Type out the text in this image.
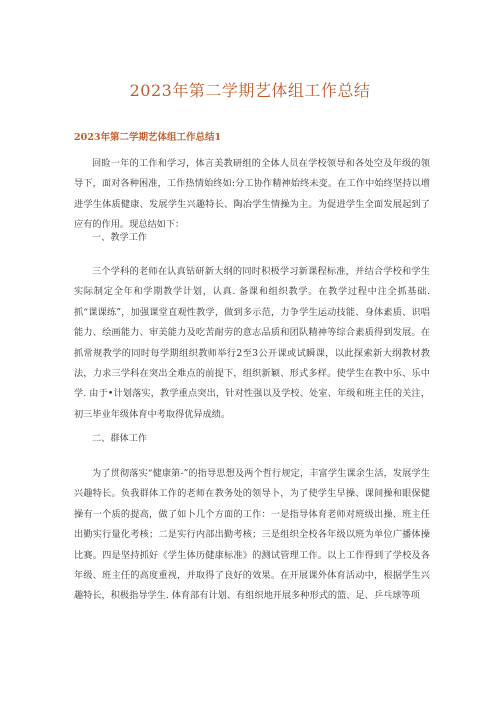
2023年第二学期艺体组工作总结
2023年第二学期艺体组工作总结1

回睑一年的工作和学习，体言美教研组的全体人员在学校领导和各处空及年级的领导下，面对各种困准，工作热情始终如:分工协作精神始终未变。在工作中始终坚持以增进学生体质健康、发展学生兴趣特长、陶冶学生情操为主。为促进学生全面发展起到了应有的作用。现总结如下：

一、教学工作

三个学科的老师在认真钻研新大纲的同时积极学习新课程标准，并结合学校和学生实际制定全年和学期教学计划，认真. 备课和组织教学。在教学过程中注全抓基础. 抓“课课练”，加强课堂直观性教学，做到多示范，力争学生运动技能、身体素质、识唱能力、绘画能力、审美能力及吃苦耐劳的意志品质和团队精神等综合素质得到发展。在抓常规教学的同时每学期组织教师举行2至3公开课或试瞬课，以此探索新大纲教材教法，力求三学科在突出全难点的前提下，组织新颖、形式多样。使学生在教中乐、乐中学. 由于•计划落实，教学重点突出，针对性强以及学校、处室、年级和班主任的关注，初三毕业年级体育中考取得优异成绩。

二、群体工作

为了贯彻落实“健康第-”的指导思想及两个哲行规定，丰富学生课余生活，发展学生兴趣特长。负我群体工作的老师在教务处的领导卜，为了使学生早操、课间操和眼保健操有一个质的提高，做了如卜几个方面的工作：一是指导体育老师对班级出操、班主任出勤实行量化考核；二是实行内部出勤考核；三是组织全校各年级以班为单位广播体操比赛。四是坚持抓好《学生体历健康标准》的测试管理工作。以上工作得到了学校及各年级、班主任的高度重视，并取得了良好的效果。在开展课外体育活动中，根据学生兴趣特长，积极指导学生. 体育部有计划、有组织地开展多种形式的篮、足、乒乓球等项
